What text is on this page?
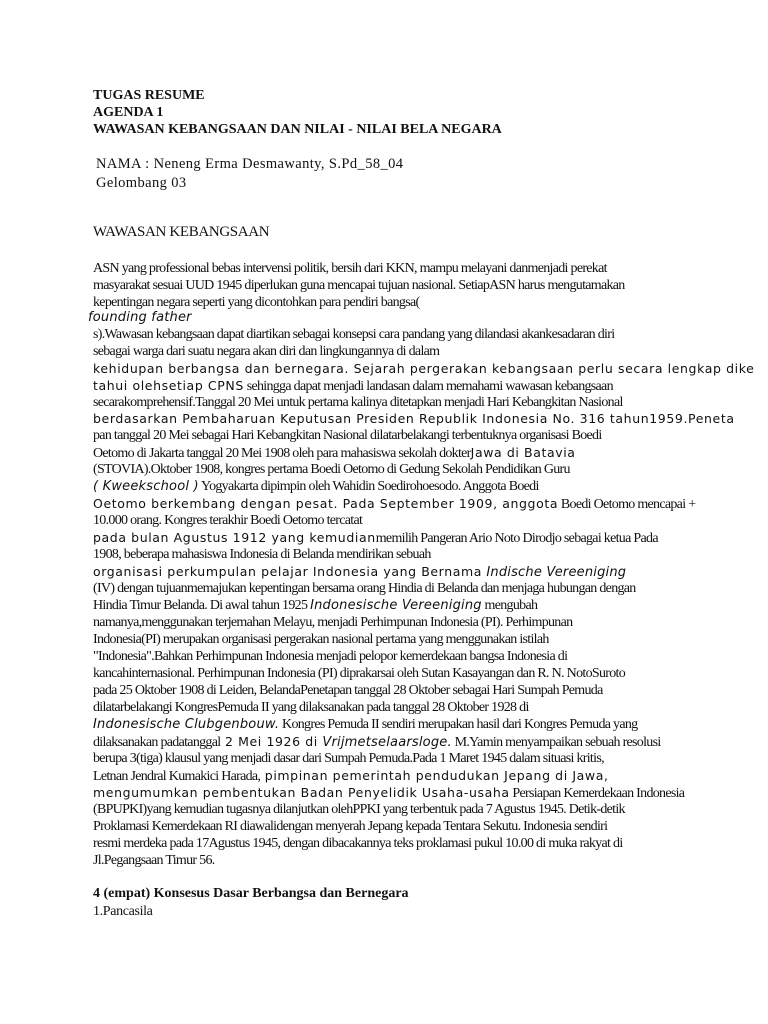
TUGAS RESUME
AGENDA 1
WAWASAN KEBANGSAAN DAN NILAI - NILAI BELA NEGARA
NAMA : Neneng Erma Desmawanty, S.Pd_58_04
Gelombang 03
WAWASAN KEBANGSAAN
ASN yang professional bebas intervensi politik, bersih dari KKN, mampu melayani danmenjadi perekat
masyarakat sesuai UUD 1945 diperlukan guna mencapai tujuan nasional. SetiapASN harus mengutamakan
kepentingan negara seperti yang dicontohkan para pendiri bangsa(
founding father
s).Wawasan kebangsaan dapat diartikan sebagai konsepsi cara pandang yang dilandasi akankesadaran diri
sebagai warga dari suatu negara akan diri dan lingkungannya di dalam
kehidupan berbangsa dan bernegara. Sejarah pergerakan kebangsaan perlu secara lengkap dike
tahui olehsetiap CPNS sehingga dapat menjadi landasan dalam memahami wawasan kebangsaan
secarakomprehensif.Tanggal 20 Mei untuk pertama kalinya ditetapkan menjadi Hari Kebangkitan Nasional
berdasarkan Pembaharuan Keputusan Presiden Republik Indonesia No. 316 tahun1959.Peneta
pan tanggal 20 Mei sebagai Hari Kebangkitan Nasional dilatarbelakangi terbentuknya organisasi Boedi
Oetomo di Jakarta tanggal 20 Mei 1908 oleh para mahasiswa sekolah dokterJawa di Batavia
(STOVIA).Oktober 1908, kongres pertama Boedi Oetomo di Gedung Sekolah Pendidikan Guru
( Kweekschool ) Yogyakarta dipimpin oleh Wahidin Soedirohoesodo. Anggota Boedi
Oetomo berkembang dengan pesat. Pada September 1909, anggota Boedi Oetomo mencapai +
10.000 orang. Kongres terakhir Boedi Oetomo tercatat
pada bulan Agustus 1912 yang kemudianmemilih Pangeran Ario Noto Dirodjo sebagai ketua Pada
1908, beberapa mahasiswa Indonesia di Belanda mendirikan sebuah
organisasi perkumpulan pelajar Indonesia yang Bernama Indische Vereeniging
(IV) dengan tujuanmemajukan kepentingan bersama orang Hindia di Belanda dan menjaga hubungan dengan
Hindia Timur Belanda. Di awal tahun 1925 Indonesische Vereeniging mengubah
namanya,menggunakan terjemahan Melayu, menjadi Perhimpunan Indonesia (PI). Perhimpunan
Indonesia(PI) merupakan organisasi pergerakan nasional pertama yang menggunakan istilah
"Indonesia".Bahkan Perhimpunan Indonesia menjadi pelopor kemerdekaan bangsa Indonesia di
kancahinternasional. Perhimpunan Indonesia (PI) diprakarsai oleh Sutan Kasayangan dan R. N. NotoSuroto
pada 25 Oktober 1908 di Leiden, BelandaPenetapan tanggal 28 Oktober sebagai Hari Sumpah Pemuda
dilatarbelakangi KongresPemuda II yang dilaksanakan pada tanggal 28 Oktober 1928 di
Indonesische Clubgenbouw. Kongres Pemuda II sendiri merupakan hasil dari Kongres Pemuda yang
dilaksanakan padatanggal 2 Mei 1926 di Vrijmetselaarsloge. M.Yamin menyampaikan sebuah resolusi
berupa 3(tiga) klausul yang menjadi dasar dari Sumpah Pemuda.Pada 1 Maret 1945 dalam situasi kritis,
Letnan Jendral Kumakici Harada, pimpinan pemerintah pendudukan Jepang di Jawa,
mengumumkan pembentukan Badan Penyelidik Usaha-usaha Persiapan Kemerdekaan Indonesia
(BPUPKI)yang kemudian tugasnya dilanjutkan olehPPKI yang terbentuk pada 7 Agustus 1945. Detik-detik
Proklamasi Kemerdekaan RI diawalidengan menyerah Jepang kepada Tentara Sekutu. Indonesia sendiri
resmi merdeka pada 17Agustus 1945, dengan dibacakannya teks proklamasi pukul 10.00 di muka rakyat di
Jl.Pegangsaan Timur 56.
4 (empat) Konsesus Dasar Berbangsa dan Bernegara
1.Pancasila
